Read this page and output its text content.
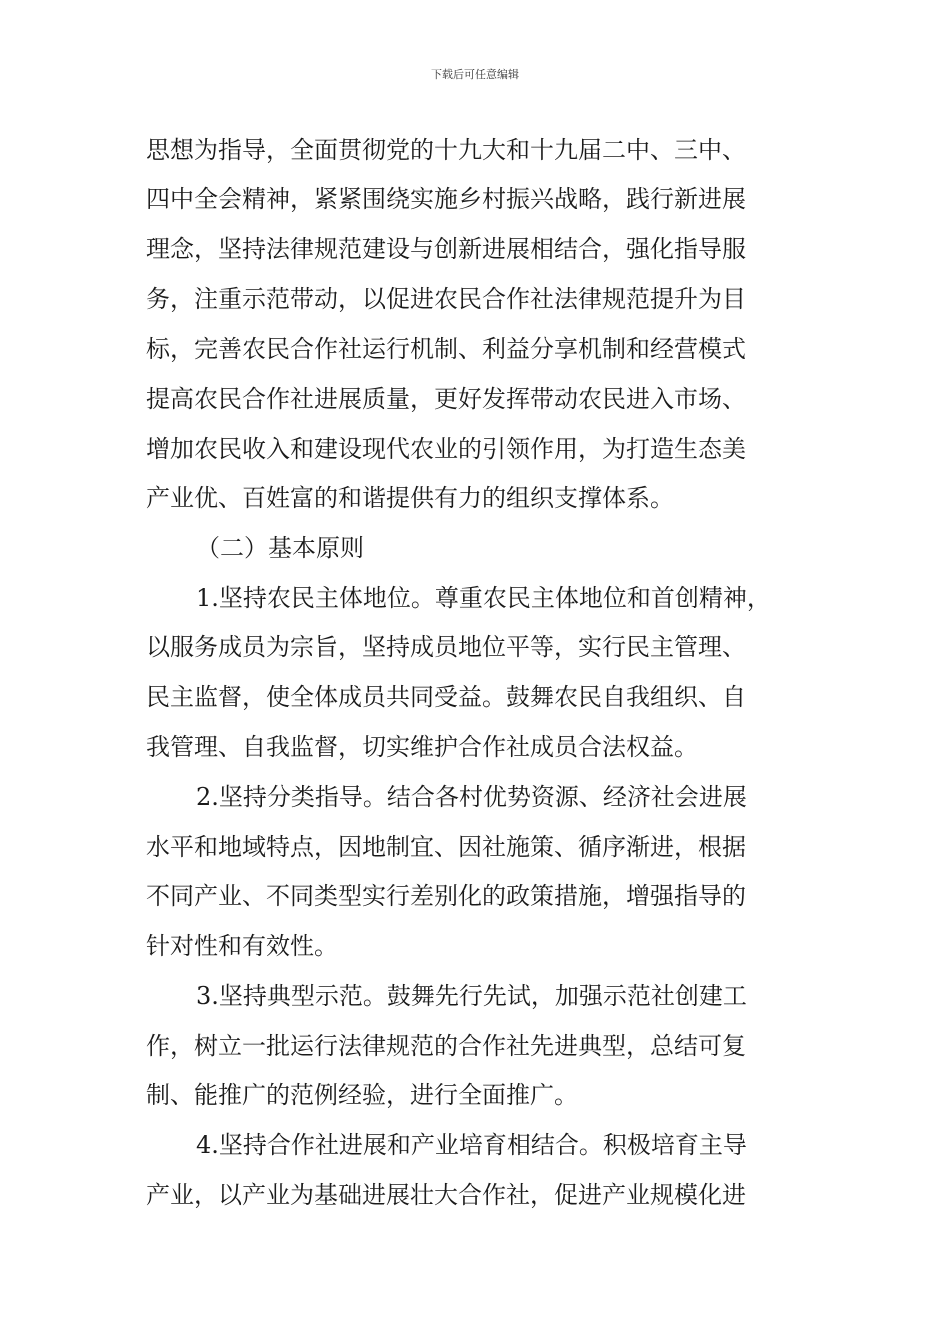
下载后可任意编辑
思想为指导，全面贯彻党的十九大和十九届二中、三中、
四中全会精神，紧紧围绕实施乡村振兴战略，践行新进展
理念，坚持法律规范建设与创新进展相结合，强化指导服
务，注重示范带动，以促进农民合作社法律规范提升为目
标，完善农民合作社运行机制、利益分享机制和经营模式
提高农民合作社进展质量，更好发挥带动农民进入市场、
增加农民收入和建设现代农业的引领作用，为打造生态美
产业优、百姓富的和谐提供有力的组织支撑体系。
（二）基本原则
1.坚持农民主体地位。尊重农民主体地位和首创精神，
以服务成员为宗旨，坚持成员地位平等，实行民主管理、
民主监督，使全体成员共同受益。鼓舞农民自我组织、自
我管理、自我监督，切实维护合作社成员合法权益。
2.坚持分类指导。结合各村优势资源、经济社会进展
水平和地域特点，因地制宜、因社施策、循序渐进，根据
不同产业、不同类型实行差别化的政策措施，增强指导的
针对性和有效性。
3.坚持典型示范。鼓舞先行先试，加强示范社创建工
作，树立一批运行法律规范的合作社先进典型，总结可复
制、能推广的范例经验，进行全面推广。
4.坚持合作社进展和产业培育相结合。积极培育主导
产业，以产业为基础进展壮大合作社，促进产业规模化进
